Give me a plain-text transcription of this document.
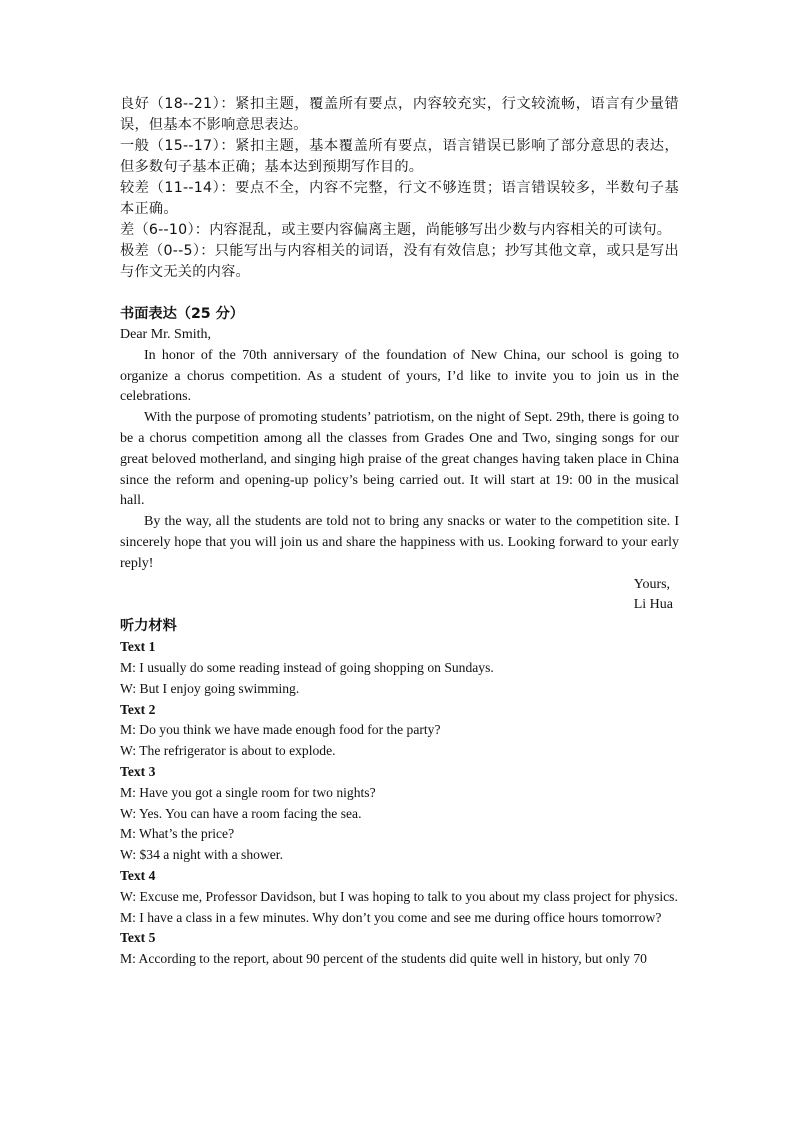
良好（18--21）：紧扣主题，覆盖所有要点，内容较充实，行文较流畅，语言有少量错误，但基本不影响意思表达。

一般（15--17）：紧扣主题，基本覆盖所有要点，语言错误已影响了部分意思的表达，但多数句子基本正确；基本达到预期写作目的。

较差（11--14）：要点不全，内容不完整，行文不够连贯；语言错误较多，半数句子基本正确。

差（6--10）：内容混乱，或主要内容偏离主题，尚能够写出少数与内容相关的可读句。

极差（0--5）：只能写出与内容相关的词语，没有有效信息；抄写其他文章，或只是写出与作文无关的内容。

书面表达（25 分）

Dear Mr. Smith,

In honor of the 70th anniversary of the foundation of New China, our school is going to organize a chorus competition. As a student of yours, I’d like to invite you to join us in the celebrations.

With the purpose of promoting students’ patriotism, on the night of Sept. 29th, there is going to be a chorus competition among all the classes from Grades One and Two, singing songs for our great beloved motherland, and singing high praise of the great changes having taken place in China since the reform and opening-up policy’s being carried out. It will start at 19: 00 in the musical hall.

By the way, all the students are told not to bring any snacks or water to the competition site. I sincerely hope that you will join us and share the happiness with us. Looking forward to your early reply!

Yours,
Li Hua
听力材料

Text 1

M: I usually do some reading instead of going shopping on Sundays.

W: But I enjoy going swimming.

Text 2

M: Do you think we have made enough food for the party?

W: The refrigerator is about to explode.

Text 3

M: Have you got a single room for two nights?

W: Yes. You can have a room facing the sea.

M: What’s the price?

W: $34 a night with a shower.

Text 4

W: Excuse me, Professor Davidson, but I was hoping to talk to you about my class project for physics.

M: I have a class in a few minutes. Why don’t you come and see me during office hours tomorrow?

Text 5

M: According to the report, about 90 percent of the students did quite well in history, but only 70
